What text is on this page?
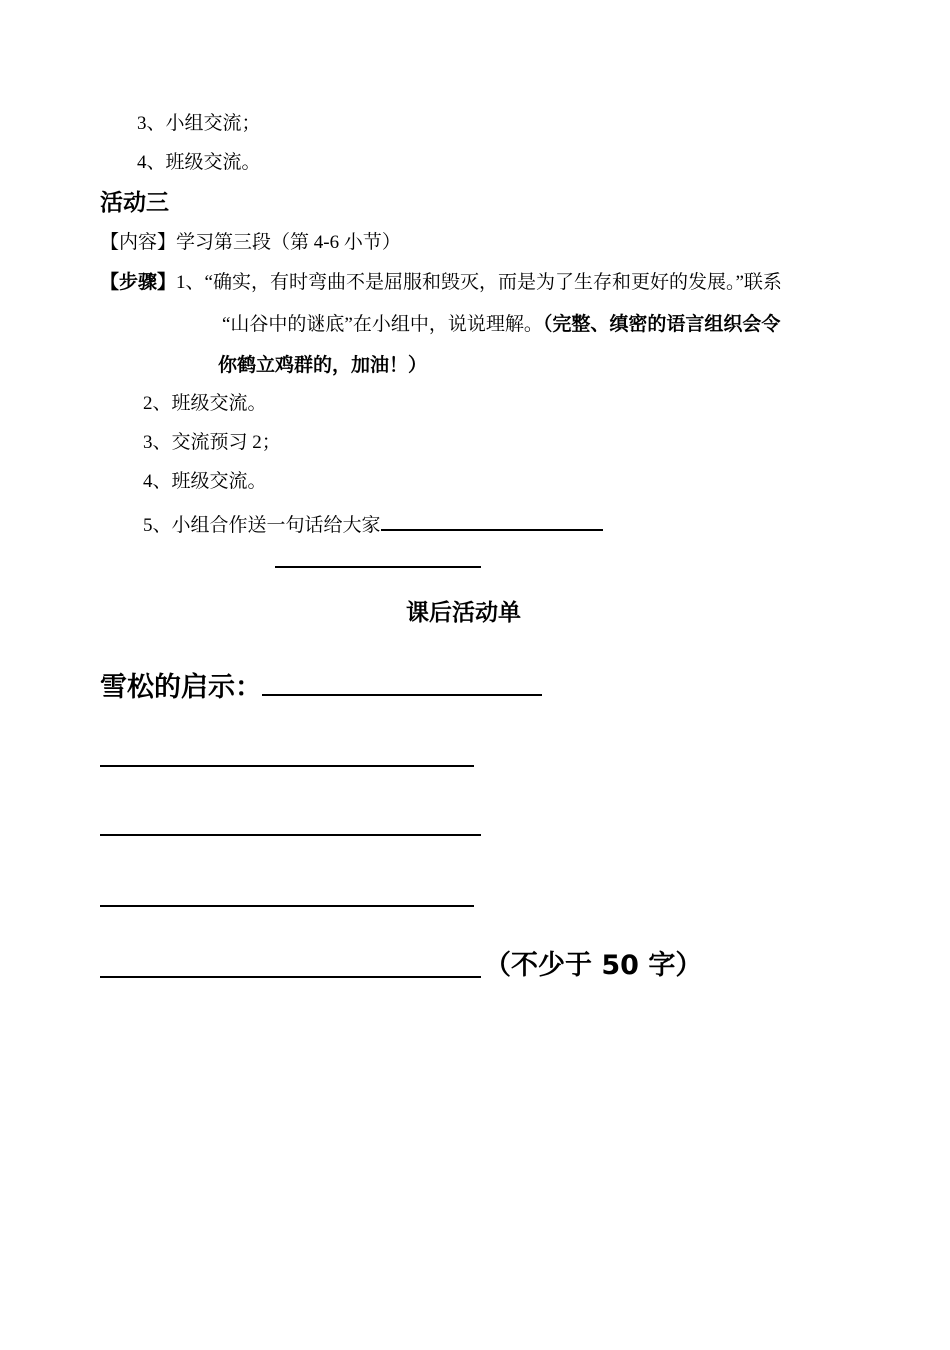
3、小组交流；
4、班级交流。
活动三
【内容】学习第三段（第 4-6 小节）
【步骤】1、“确实，有时弯曲不是屈服和毁灭，而是为了生存和更好的发展。”联系
“山谷中的谜底”在小组中，说说理解。（完整、缜密的语言组织会令
你鹤立鸡群的，加油！）
2、班级交流。
3、交流预习 2；
4、班级交流。
5、小组合作送一句话给大家
课后活动单
雪松的启示：
（不少于 50 字）
